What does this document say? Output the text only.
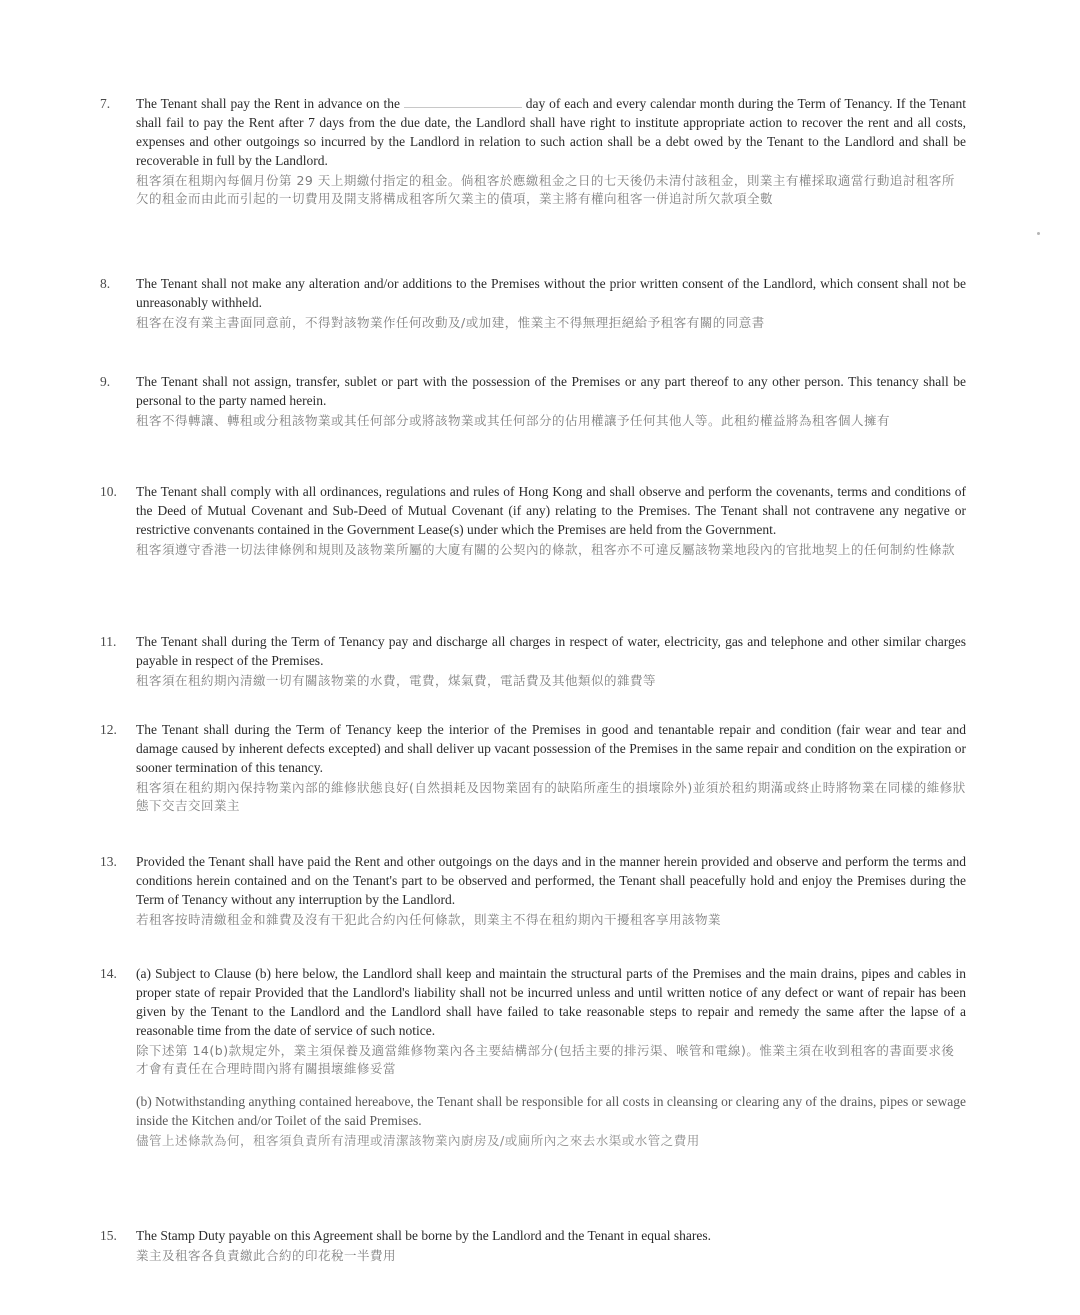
7.	The Tenant shall pay the Rent in advance on the	day of each and every calendar month during the Term of Tenancy. If the Tenant shall fail to pay the Rent after 7 days from the due date, the Landlord shall have right to institute appropriate action to recover the rent and all costs, expenses and other outgoings so incurred by the Landlord in relation to such action shall be a debt owed by the Tenant to the Landlord and shall be recoverable in full by the Landlord.

租客須在租期內每個月份第 29 天上期繳付指定的租金。倘租客於應繳租金之日的七天後仍未清付該租金，則業主有權採取適當行動追討租客所欠的租金而由此而引起的一切費用及開支將構成租客所欠業主的債項，業主將有權向租客一併追討所欠款項全數

8.	The Tenant shall not make any alteration and/or additions to the Premises without the prior written consent of the Landlord, which consent shall not be unreasonably withheld.

租客在沒有業主書面同意前，不得對該物業作任何改動及/或加建，惟業主不得無理拒絕給予租客有關的同意書

9.	The Tenant shall not assign, transfer, sublet or part with the possession of the Premises or any part thereof to any other person. This tenancy shall be personal to the party named herein.

租客不得轉讓、轉租或分租該物業或其任何部分或將該物業或其任何部分的佔用權讓予任何其他人等。此租約權益將為租客個人擁有

10.	The Tenant shall comply with all ordinances, regulations and rules of Hong Kong and shall observe and perform the covenants, terms and conditions of the Deed of Mutual Covenant and Sub-Deed of Mutual Covenant (if any) relating to the Premises. The Tenant shall not contravene any negative or restrictive convenants contained in the Government Lease(s) under which the Premises are held from the Government.

租客須遵守香港一切法律條例和規則及該物業所屬的大廈有關的公契內的條款，租客亦不可違反屬該物業地段內的官批地契上的任何制約性條款

11.	The Tenant shall during the Term of Tenancy pay and discharge all charges in respect of water, electricity, gas and telephone and other similar charges payable in respect of the Premises.

租客須在租約期內清繳一切有關該物業的水費，電費，煤氣費，電話費及其他類似的雜費等

12.	The Tenant shall during the Term of Tenancy keep the interior of the Premises in good and tenantable repair and condition (fair wear and tear and damage caused by inherent defects excepted) and shall deliver up vacant possession of the Premises in the same repair and condition on the expiration or sooner termination of this tenancy.

租客須在租約期內保持物業內部的維修狀態良好(自然損耗及因物業固有的缺陷所產生的損壞除外)並須於租約期滿或終止時將物業在同樣的維修狀態下交吉交回業主

13.	Provided the Tenant shall have paid the Rent and other outgoings on the days and in the manner herein provided and observe and perform the terms and conditions herein contained and on the Tenant's part to be observed and performed, the Tenant shall peacefully hold and enjoy the Premises during the Term of Tenancy without any interruption by the Landlord.

若租客按時清繳租金和雜費及沒有干犯此合約內任何條款，則業主不得在租約期內干擾租客享用該物業

14.	(a) Subject to Clause (b) here below, the Landlord shall keep and maintain the structural parts of the Premises and the main drains, pipes and cables in proper state of repair Provided that the Landlord's liability shall not be incurred unless and until written notice of any defect or want of repair has been given by the Tenant to the Landlord and the Landlord shall have failed to take reasonable steps to repair and remedy the same after the lapse of a reasonable time from the date of service of such notice.

除下述第 14(b)款規定外，業主須保養及適當維修物業內各主要結構部分(包括主要的排污渠、喉管和電線)。惟業主須在收到租客的書面要求後才會有責任在合理時間內將有關損壞維修妥當

(b) Notwithstanding anything contained hereabove, the Tenant shall be responsible for all costs in cleansing or clearing any of the drains, pipes or sewage inside the Kitchen and/or Toilet of the said Premises.

儘管上述條款為何，租客須負責所有清理或清潔該物業內廚房及/或廁所內之來去水渠或水管之費用

15.	The Stamp Duty payable on this Agreement shall be borne by the Landlord and the Tenant in equal shares.

業主及租客各負責繳此合約的印花稅一半費用
